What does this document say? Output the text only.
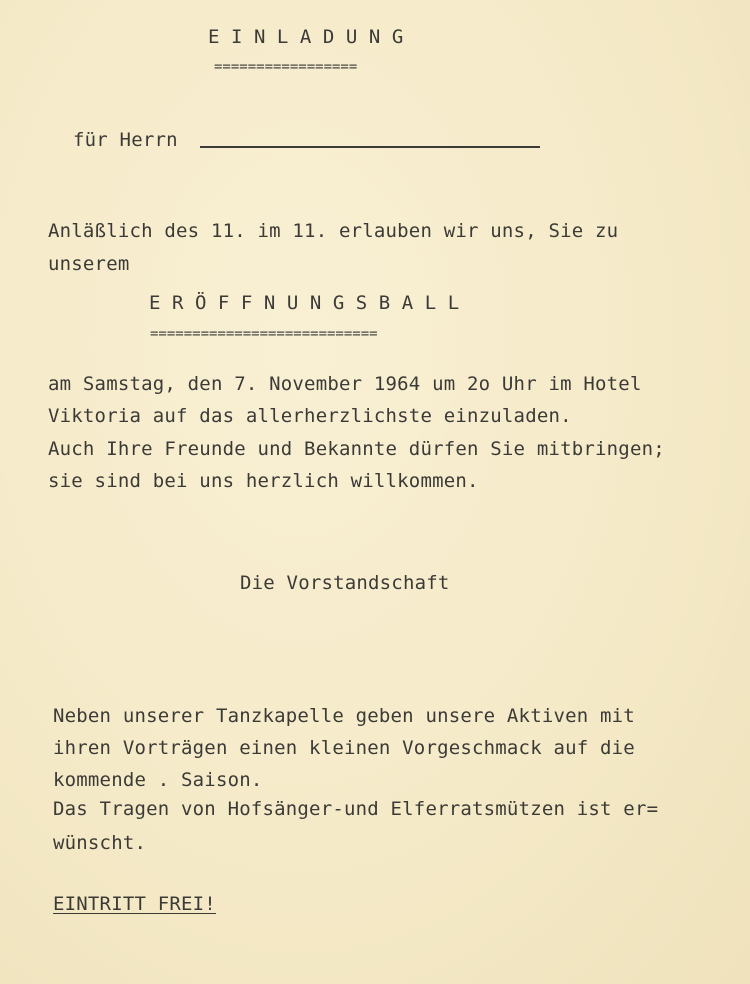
E I N L A D U N G
=================
für Herrn
Anläßlich des 11. im 11. erlauben wir uns, Sie zu
unserem
E R Ö F F N U N G S B A L L
===========================
am Samstag, den 7. November 1964 um 2o Uhr im Hotel
Viktoria auf das allerherzlichste einzuladen.
Auch Ihre Freunde und Bekannte dürfen Sie mitbringen;
sie sind bei uns herzlich willkommen.
Die Vorstandschaft
Neben unserer Tanzkapelle geben unsere Aktiven mit
ihren Vorträgen einen kleinen Vorgeschmack auf die
kommende . Saison.
Das Tragen von Hofsänger-und Elferratsmützen ist er=
wünscht.
EINTRITT FREI!
